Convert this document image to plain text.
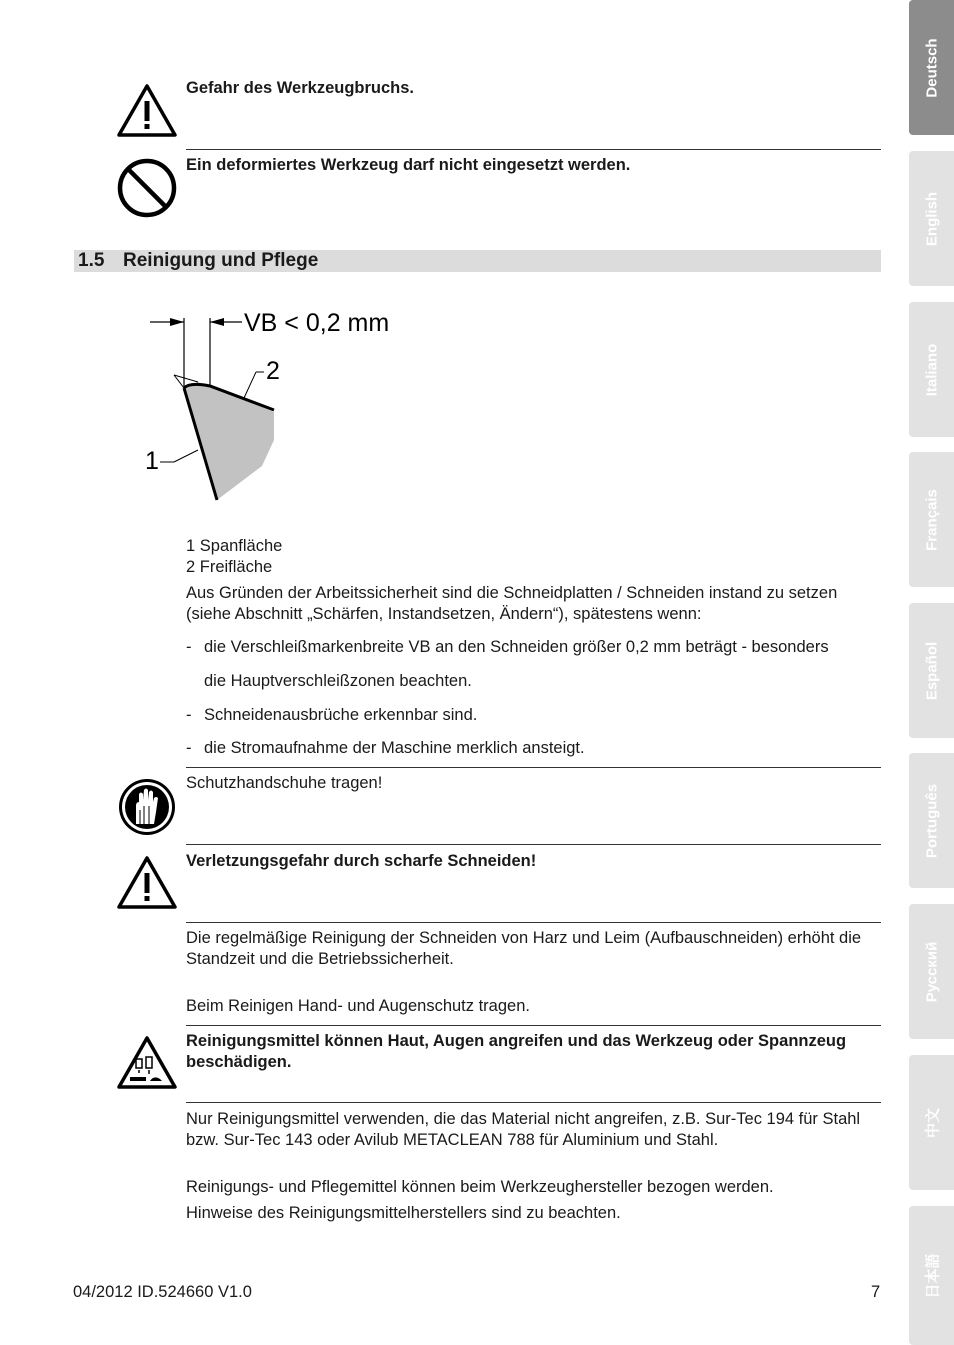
Gefahr des Werkzeugbruchs.
Ein deformiertes Werkzeug darf nicht eingesetzt werden.
1.5 Reinigung und Pflege
VB < 0,2 mm
2
1
1 Spanfläche
2 Freifläche
Aus Gründen der Arbeitssicherheit sind die Schneidplatten / Schneiden instand zu setzen (siehe Abschnitt „Schärfen, Instandsetzen, Ändern“), spätestens wenn:
- die Verschleißmarkenbreite VB an den Schneiden größer 0,2 mm beträgt - besonders
die Hauptverschleißzonen beachten.
- Schneidenausbrüche erkennbar sind.
- die Stromaufnahme der Maschine merklich ansteigt.
Schutzhandschuhe tragen!
Verletzungsgefahr durch scharfe Schneiden!
Die regelmäßige Reinigung der Schneiden von Harz und Leim (Aufbauschneiden) erhöht die Standzeit und die Betriebssicherheit.
Beim Reinigen Hand- und Augenschutz tragen.
Reinigungsmittel können Haut, Augen angreifen und das Werkzeug oder Spannzeug beschädigen.
Nur Reinigungsmittel verwenden, die das Material nicht angreifen, z.B. Sur-Tec 194 für Stahl bzw. Sur-Tec 143 oder Avilub METACLEAN 788 für Aluminium und Stahl.
Reinigungs- und Pflegemittel können beim Werkzeughersteller bezogen werden.
Hinweise des Reinigungsmittelherstellers sind zu beachten.
04/2012 ID.524660 V1.0	7
Deutsch
English
Italiano
Français
Español
Português
Русский
中文
日本語
